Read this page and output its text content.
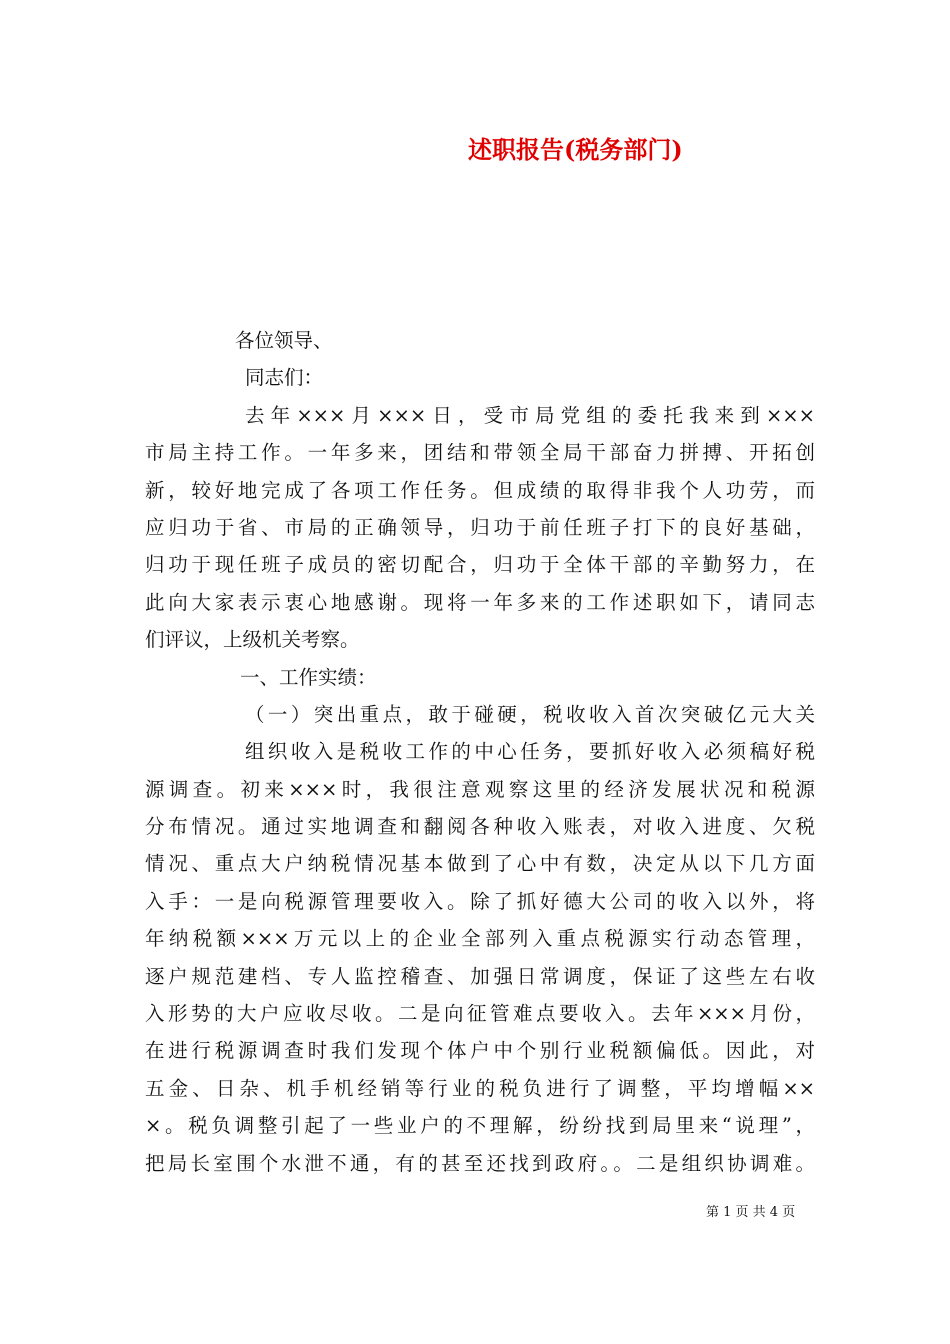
述职报告(税务部门)
各位领导、
同志们：
去年×××月×××日，受市局党组的委托我来到×××
市局主持工作。一年多来，团结和带领全局干部奋力拼搏、开拓创
新，较好地完成了各项工作任务。但成绩的取得非我个人功劳，而
应归功于省、市局的正确领导，归功于前任班子打下的良好基础，
归功于现任班子成员的密切配合，归功于全体干部的辛勤努力，在
此向大家表示衷心地感谢。现将一年多来的工作述职如下，请同志
们评议，上级机关考察。
一、工作实绩：
（一）突出重点，敢于碰硬，税收收入首次突破亿元大关
组织收入是税收工作的中心任务，要抓好收入必须稿好税
源调查。初来×××时，我很注意观察这里的经济发展状况和税源
分布情况。通过实地调查和翻阅各种收入账表，对收入进度、欠税
情况、重点大户纳税情况基本做到了心中有数，决定从以下几方面
入手：一是向税源管理要收入。除了抓好德大公司的收入以外，将
年纳税额×××万元以上的企业全部列入重点税源实行动态管理，
逐户规范建档、专人监控稽查、加强日常调度，保证了这些左右收
入形势的大户应收尽收。二是向征管难点要收入。去年×××月份，
在进行税源调查时我们发现个体户中个别行业税额偏低。因此，对
五金、日杂、机手机经销等行业的税负进行了调整，平均增幅××
×。税负调整引起了一些业户的不理解，纷纷找到局里来“说理”，
把局长室围个水泄不通，有的甚至还找到政府。。二是组织协调难。
第 1 页 共 4 页
